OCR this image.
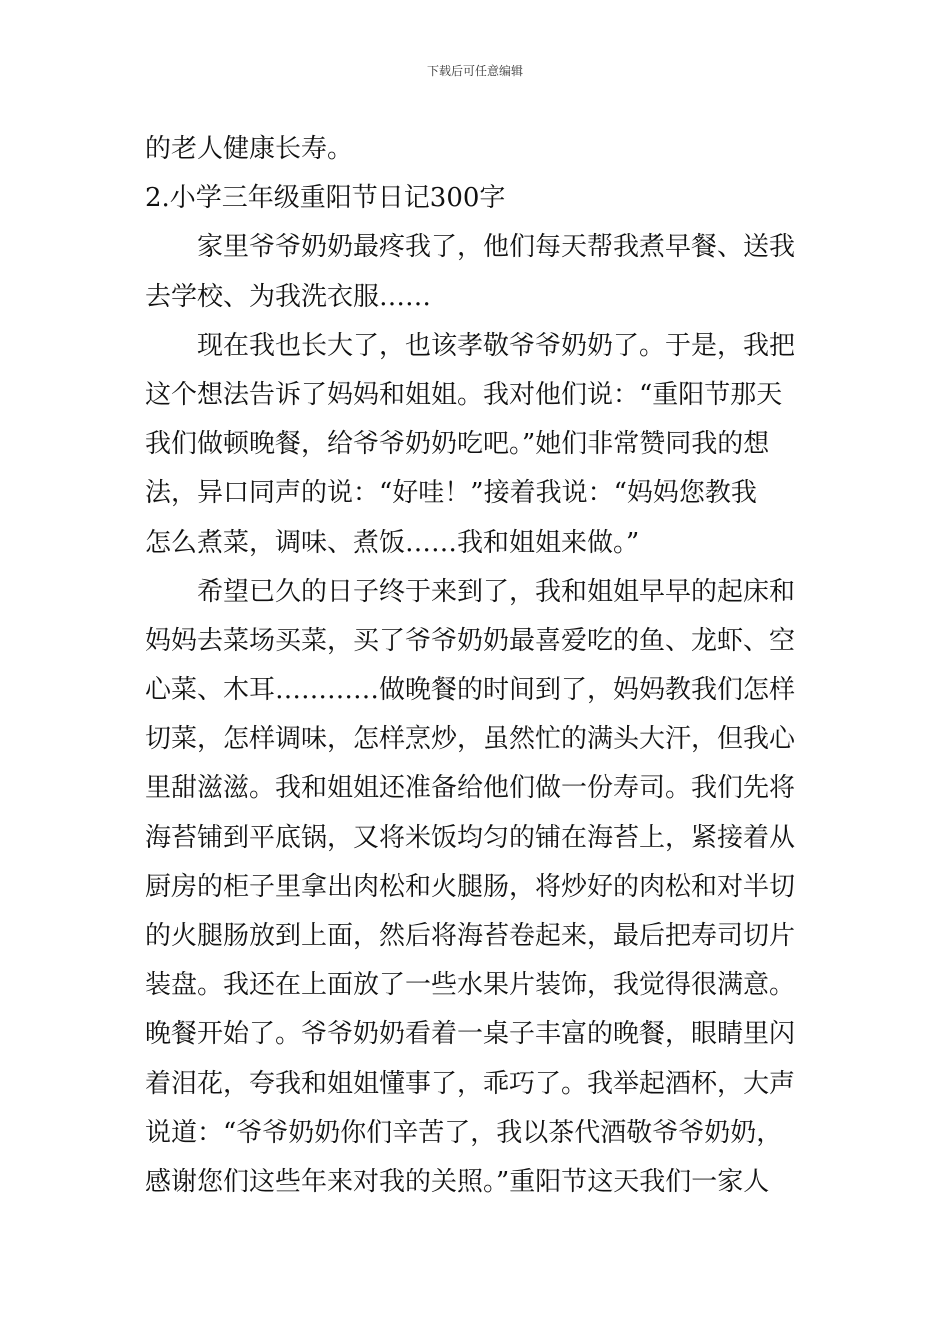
下载后可任意编辑
的老人健康长寿。
2.小学三年级重阳节日记300字
家里爷爷奶奶最疼我了，他们每天帮我煮早餐、送我
去学校、为我洗衣服……
现在我也长大了，也该孝敬爷爷奶奶了。于是，我把
这个想法告诉了妈妈和姐姐。我对他们说：“重阳节那天
我们做顿晚餐，给爷爷奶奶吃吧。”她们非常赞同我的想
法，异口同声的说：“好哇！”接着我说：“妈妈您教我
怎么煮菜，调味、煮饭……我和姐姐来做。”
希望已久的日子终于来到了，我和姐姐早早的起床和
妈妈去菜场买菜，买了爷爷奶奶最喜爱吃的鱼、龙虾、空
心菜、木耳…………做晚餐的时间到了，妈妈教我们怎样
切菜，怎样调味，怎样烹炒，虽然忙的满头大汗，但我心
里甜滋滋。我和姐姐还准备给他们做一份寿司。我们先将
海苔铺到平底锅，又将米饭均匀的铺在海苔上，紧接着从
厨房的柜子里拿出肉松和火腿肠，将炒好的肉松和对半切
的火腿肠放到上面，然后将海苔卷起来，最后把寿司切片
装盘。我还在上面放了一些水果片装饰，我觉得很满意。
晚餐开始了。爷爷奶奶看着一桌子丰富的晚餐，眼睛里闪
着泪花，夸我和姐姐懂事了，乖巧了。我举起酒杯，大声
说道：“爷爷奶奶你们辛苦了，我以茶代酒敬爷爷奶奶，
感谢您们这些年来对我的关照。”重阳节这天我们一家人
